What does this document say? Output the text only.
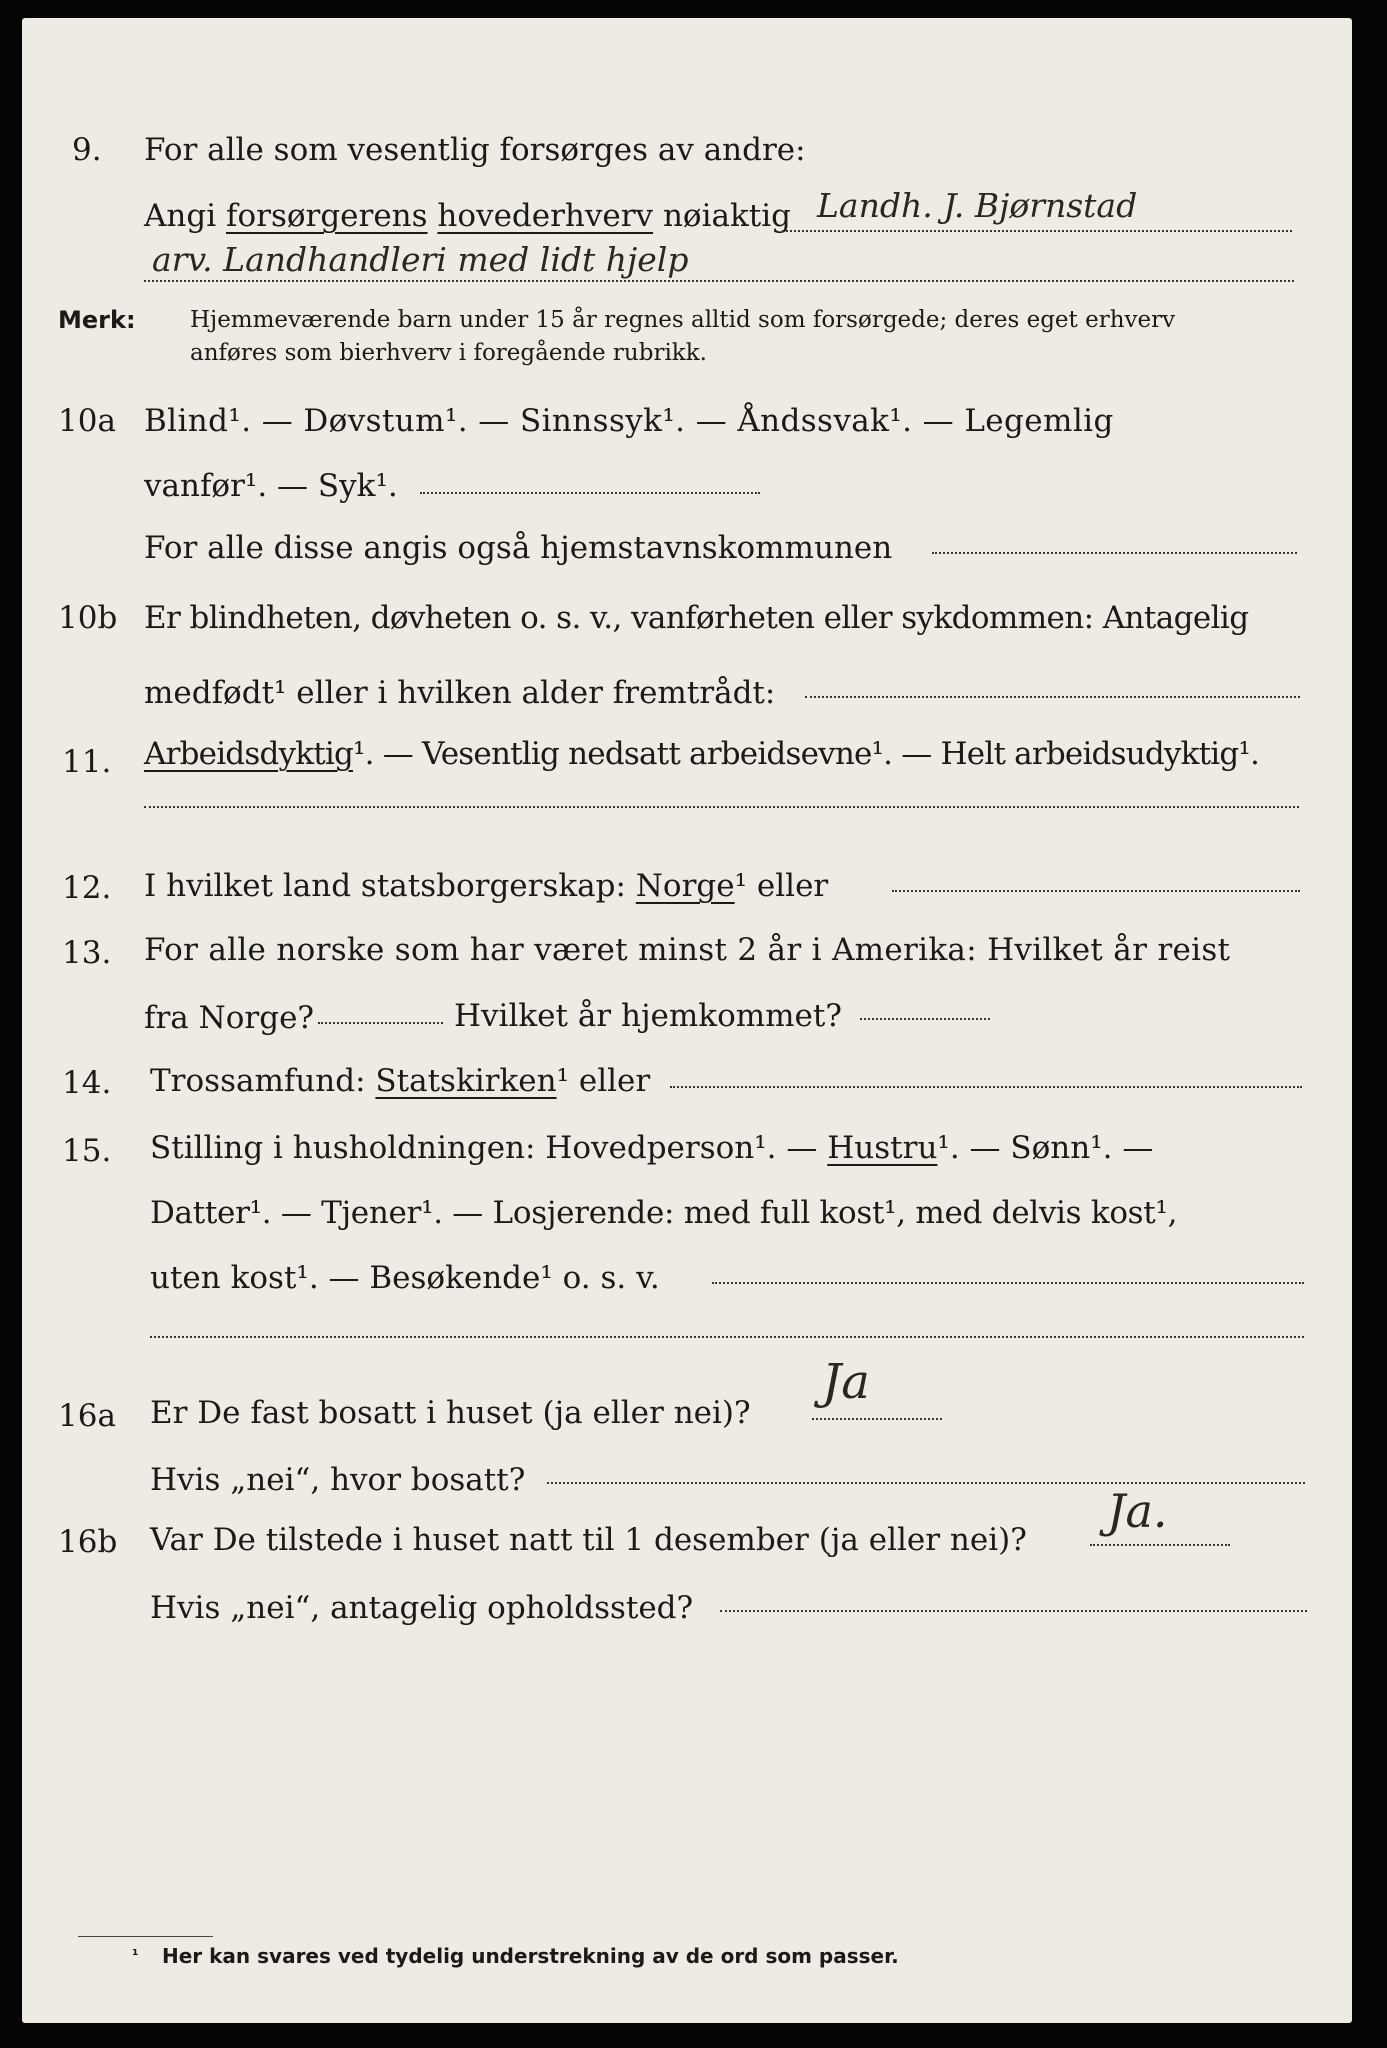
9. For alle som vesentlig forsørges av andre:
Angi forsørgerens hovederhverv nøiaktig Landh. J. Bjørnstad
arv. Landhandleri med lidt hjelp
Merk: Hjemmeværende barn under 15 år regnes alltid som forsørgede; deres eget erhverv
anføres som bierhverv i foregående rubrikk.
10a Blind¹. — Døvstum¹. — Sinnssyk¹. — Åndssvak¹. — Legemlig
vanfør¹. — Syk¹.
For alle disse angis også hjemstavnskommunen
10b Er blindheten, døvheten o. s. v., vanførheten eller sykdommen: Antagelig
medfødt¹ eller i hvilken alder fremtrådt:
11. Arbeidsdyktig¹. — Vesentlig nedsatt arbeidsevne¹. — Helt arbeidsudyktig¹.
12. I hvilket land statsborgerskap: Norge¹ eller
13. For alle norske som har været minst 2 år i Amerika: Hvilket år reist
fra Norge?	Hvilket år hjemkommet?
14. Trossamfund: Statskirken¹ eller
15. Stilling i husholdningen: Hovedperson¹. — Hustru¹. — Sønn¹. —
Datter¹. — Tjener¹. — Losjerende: med full kost¹, med delvis kost¹,
uten kost¹. — Besøkende¹ o. s. v.
16a Er De fast bosatt i huset (ja eller nei)?
Ja
Hvis „nei“, hvor bosatt?
16b Var De tilstede i huset natt til 1 desember (ja eller nei)?
Ja.
Hvis „nei“, antagelig opholdssted?
¹ Her kan svares ved tydelig understrekning av de ord som passer.
